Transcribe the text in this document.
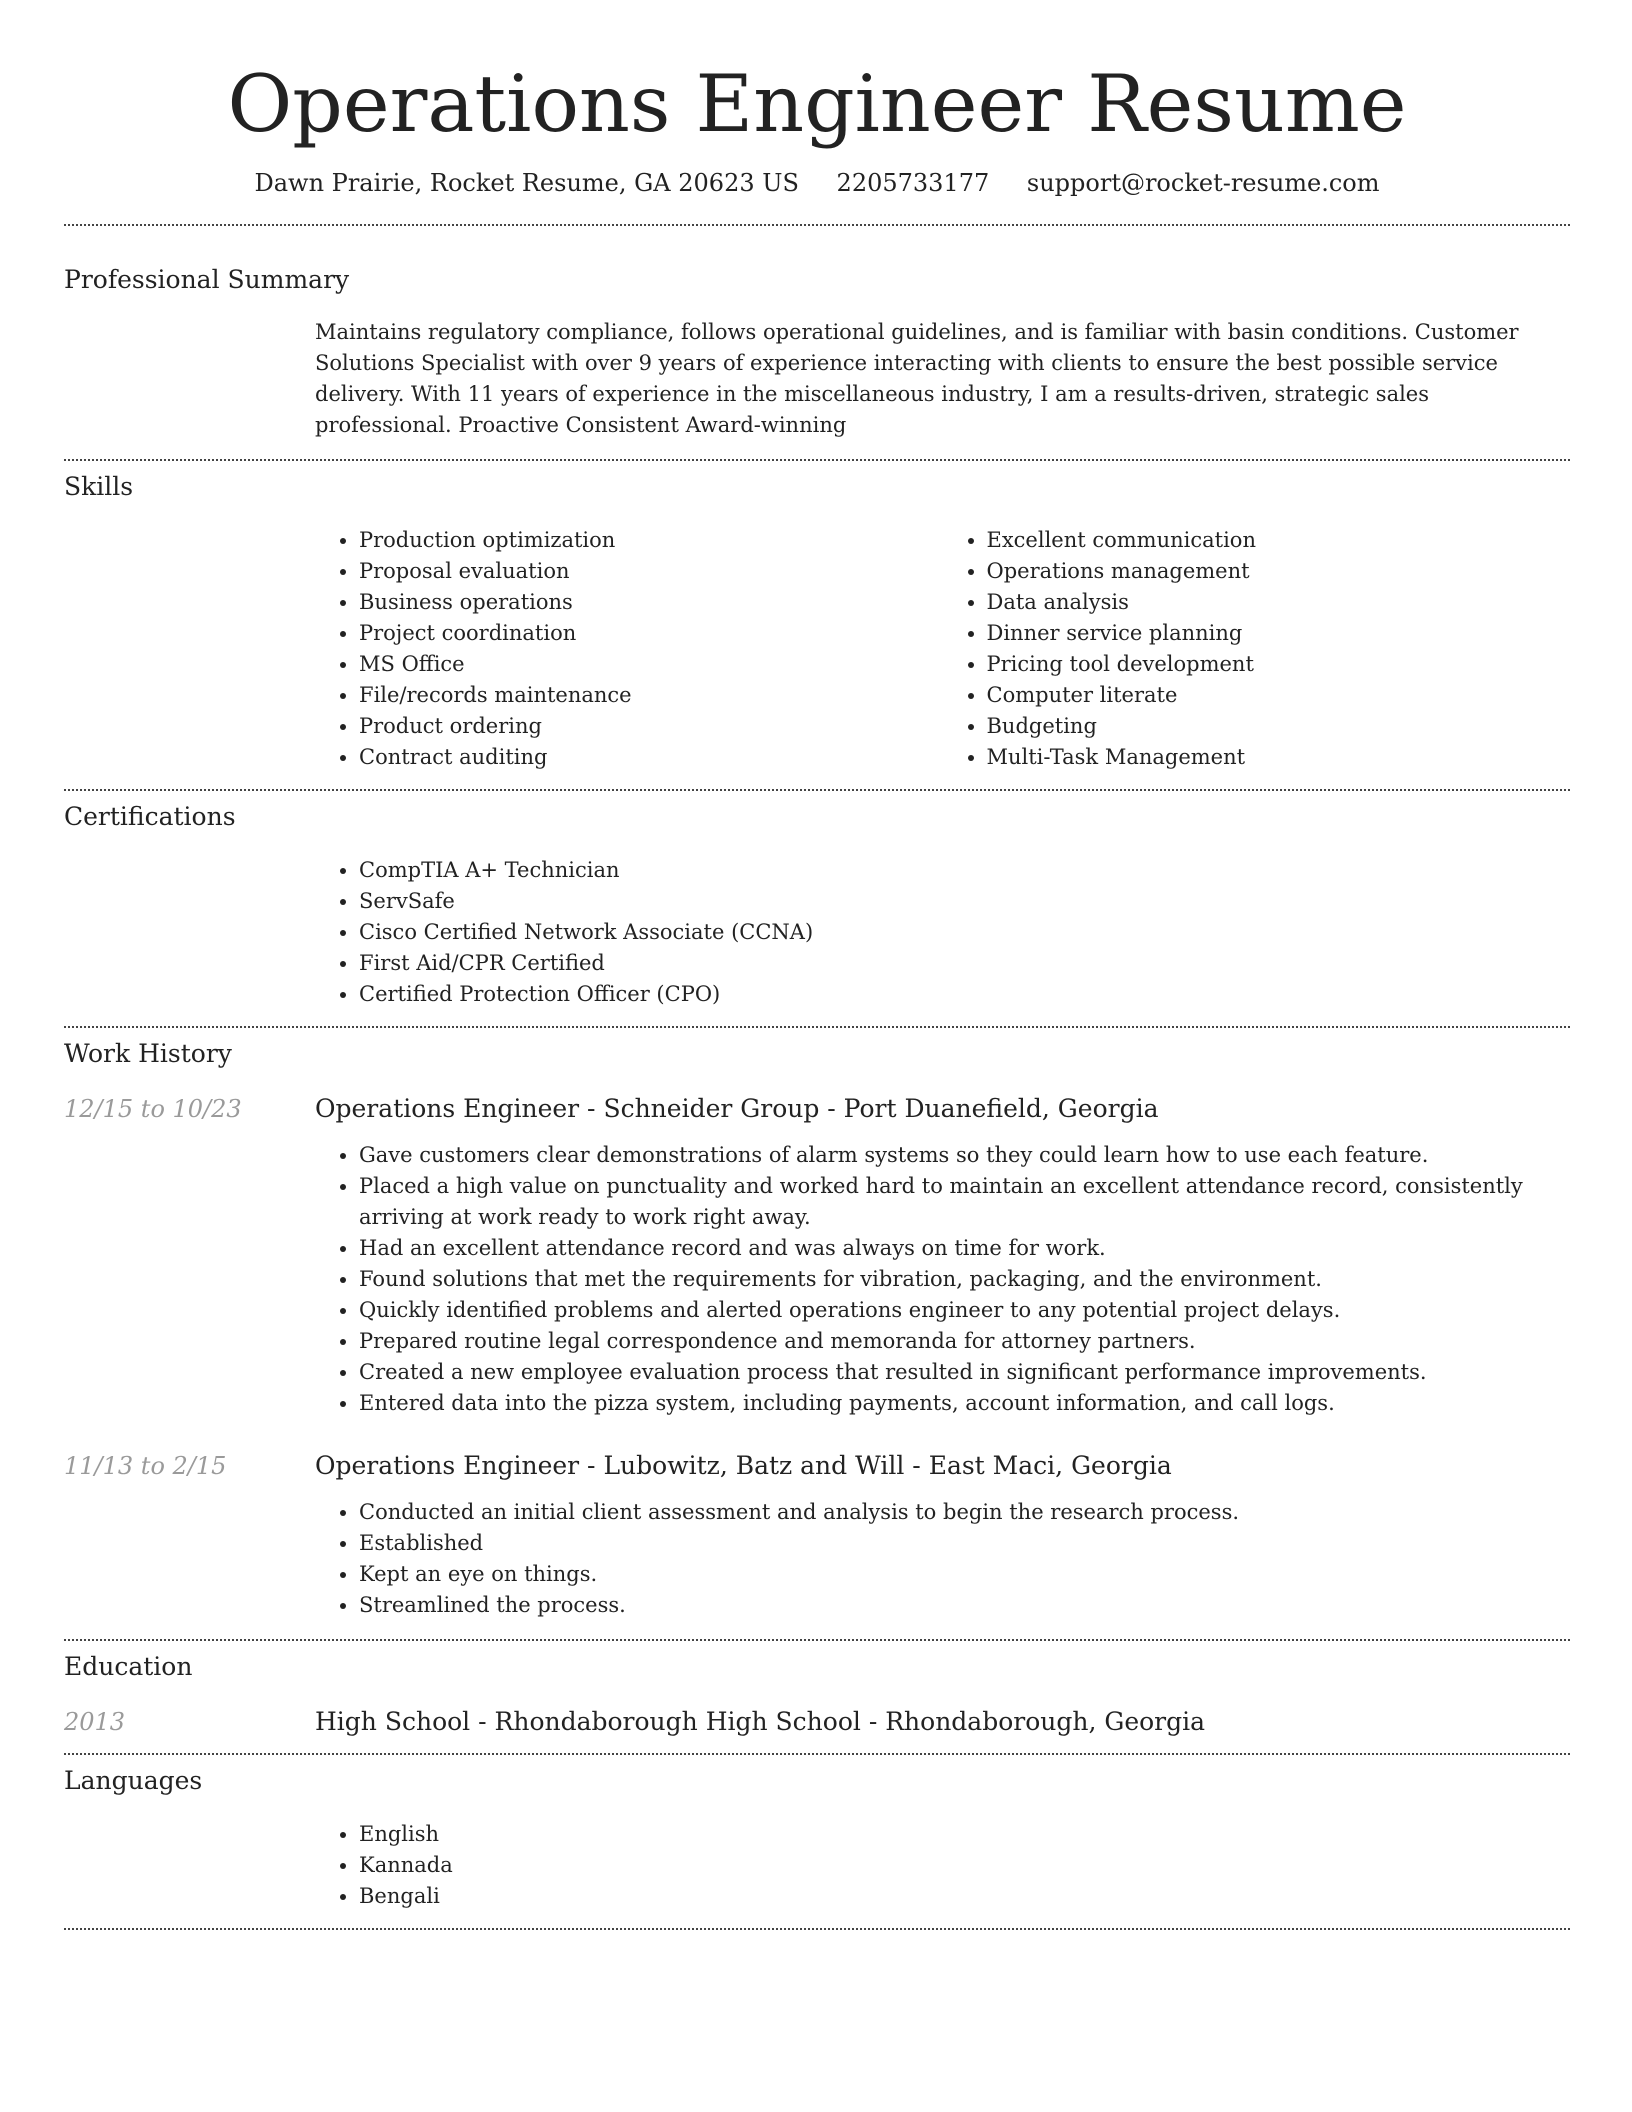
Operations Engineer Resume
Dawn Prairie, Rocket Resume, GA 20623 US 2205733177 support@rocket-resume.com
Professional Summary
Maintains regulatory compliance, follows operational guidelines, and is familiar with basin conditions. Customer Solutions Specialist with over 9 years of experience interacting with clients to ensure the best possible service delivery. With 11 years of experience in the miscellaneous industry, I am a results-driven, strategic sales professional. Proactive Consistent Award-winning
Skills
• Production optimization
• Proposal evaluation
• Business operations
• Project coordination
• MS Office
• File/records maintenance
• Product ordering
• Contract auditing
• Excellent communication
• Operations management
• Data analysis
• Dinner service planning
• Pricing tool development
• Computer literate
• Budgeting
• Multi-Task Management
Certifications
• CompTIA A+ Technician
• ServSafe
• Cisco Certified Network Associate (CCNA)
• First Aid/CPR Certified
• Certified Protection Officer (CPO)
Work History
12/15 to 10/23	Operations Engineer - Schneider Group - Port Duanefield, Georgia
• Gave customers clear demonstrations of alarm systems so they could learn how to use each feature.
• Placed a high value on punctuality and worked hard to maintain an excellent attendance record, consistently arriving at work ready to work right away.
• Had an excellent attendance record and was always on time for work.
• Found solutions that met the requirements for vibration, packaging, and the environment.
• Quickly identified problems and alerted operations engineer to any potential project delays.
• Prepared routine legal correspondence and memoranda for attorney partners.
• Created a new employee evaluation process that resulted in significant performance improvements.
• Entered data into the pizza system, including payments, account information, and call logs.
11/13 to 2/15	Operations Engineer - Lubowitz, Batz and Will - East Maci, Georgia
• Conducted an initial client assessment and analysis to begin the research process.
• Established
• Kept an eye on things.
• Streamlined the process.
Education
2013	High School - Rhondaborough High School - Rhondaborough, Georgia
Languages
• English
• Kannada
• Bengali
